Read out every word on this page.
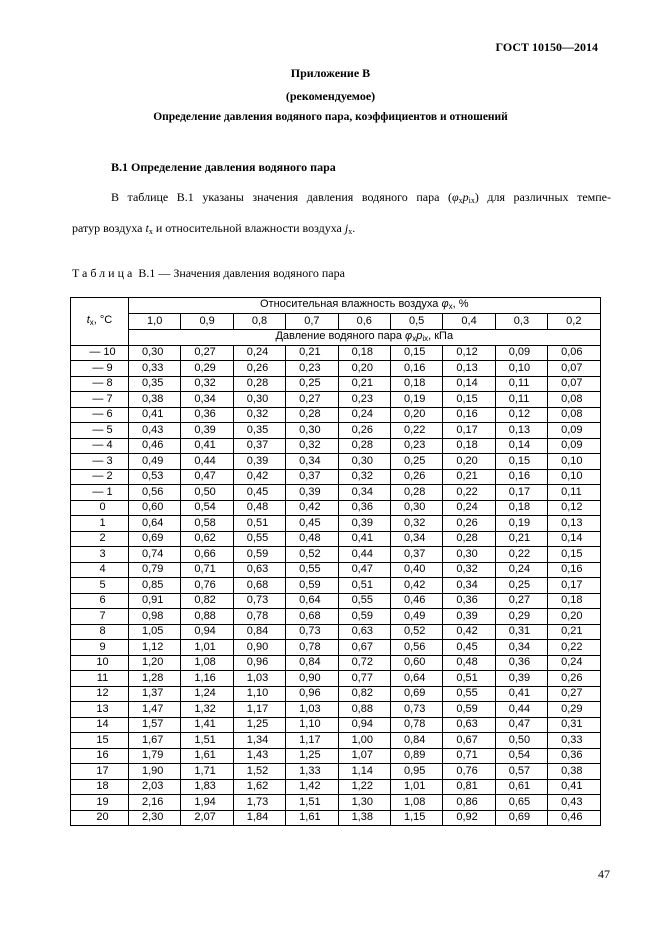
ГОСТ 10150—2014
Приложение В
(рекомендуемое)
Определение давления водяного пара, коэффициентов и отношений
В.1 Определение давления водяного пара
В таблице В.1 указаны значения давления водяного пара $(\varphi_xp_{ix})$ для различных темпе-
ратур воздуха $t_x$ и относительной влажности воздуха $j_x$.
Таблица В.1 — Значения давления водяного пара
$t_x$, °С	Относительная влажность воздуха $\varphi_x$, %								
	1,0	0,9	0,8	0,7	0,6	0,5	0,4	0,3	0,2
	Давление водяного пара $\varphi_xp_{ix}$, кПа								
— 10	0,30	0,27	0,24	0,21	0,18	0,15	0,12	0,09	0,06
— 9	0,33	0,29	0,26	0,23	0,20	0,16	0,13	0,10	0,07
— 8	0,35	0,32	0,28	0,25	0,21	0,18	0,14	0,11	0,07
— 7	0,38	0,34	0,30	0,27	0,23	0,19	0,15	0,11	0,08
— 6	0,41	0,36	0,32	0,28	0,24	0,20	0,16	0,12	0,08
— 5	0,43	0,39	0,35	0,30	0,26	0,22	0,17	0,13	0,09
— 4	0,46	0,41	0,37	0,32	0,28	0,23	0,18	0,14	0,09
— 3	0,49	0,44	0,39	0,34	0,30	0,25	0,20	0,15	0,10
— 2	0,53	0,47	0,42	0,37	0,32	0,26	0,21	0,16	0,10
— 1	0,56	0,50	0,45	0,39	0,34	0,28	0,22	0,17	0,11
0	0,60	0,54	0,48	0,42	0,36	0,30	0,24	0,18	0,12
1	0,64	0,58	0,51	0,45	0,39	0,32	0,26	0,19	0,13
2	0,69	0,62	0,55	0,48	0,41	0,34	0,28	0,21	0,14
3	0,74	0,66	0,59	0,52	0,44	0,37	0,30	0,22	0,15
4	0,79	0,71	0,63	0,55	0,47	0,40	0,32	0,24	0,16
5	0,85	0,76	0,68	0,59	0,51	0,42	0,34	0,25	0,17
6	0,91	0,82	0,73	0,64	0,55	0,46	0,36	0,27	0,18
7	0,98	0,88	0,78	0,68	0,59	0,49	0,39	0,29	0,20
8	1,05	0,94	0,84	0,73	0,63	0,52	0,42	0,31	0,21
9	1,12	1,01	0,90	0,78	0,67	0,56	0,45	0,34	0,22
10	1,20	1,08	0,96	0,84	0,72	0,60	0,48	0,36	0,24
11	1,28	1,16	1,03	0,90	0,77	0,64	0,51	0,39	0,26
12	1,37	1,24	1,10	0,96	0,82	0,69	0,55	0,41	0,27
13	1,47	1,32	1,17	1,03	0,88	0,73	0,59	0,44	0,29
14	1,57	1,41	1,25	1,10	0,94	0,78	0,63	0,47	0,31
15	1,67	1,51	1,34	1,17	1,00	0,84	0,67	0,50	0,33
16	1,79	1,61	1,43	1,25	1,07	0,89	0,71	0,54	0,36
17	1,90	1,71	1,52	1,33	1,14	0,95	0,76	0,57	0,38
18	2,03	1,83	1,62	1,42	1,22	1,01	0,81	0,61	0,41
19	2,16	1,94	1,73	1,51	1,30	1,08	0,86	0,65	0,43
20	2,30	2,07	1,84	1,61	1,38	1,15	0,92	0,69	0,46
47
